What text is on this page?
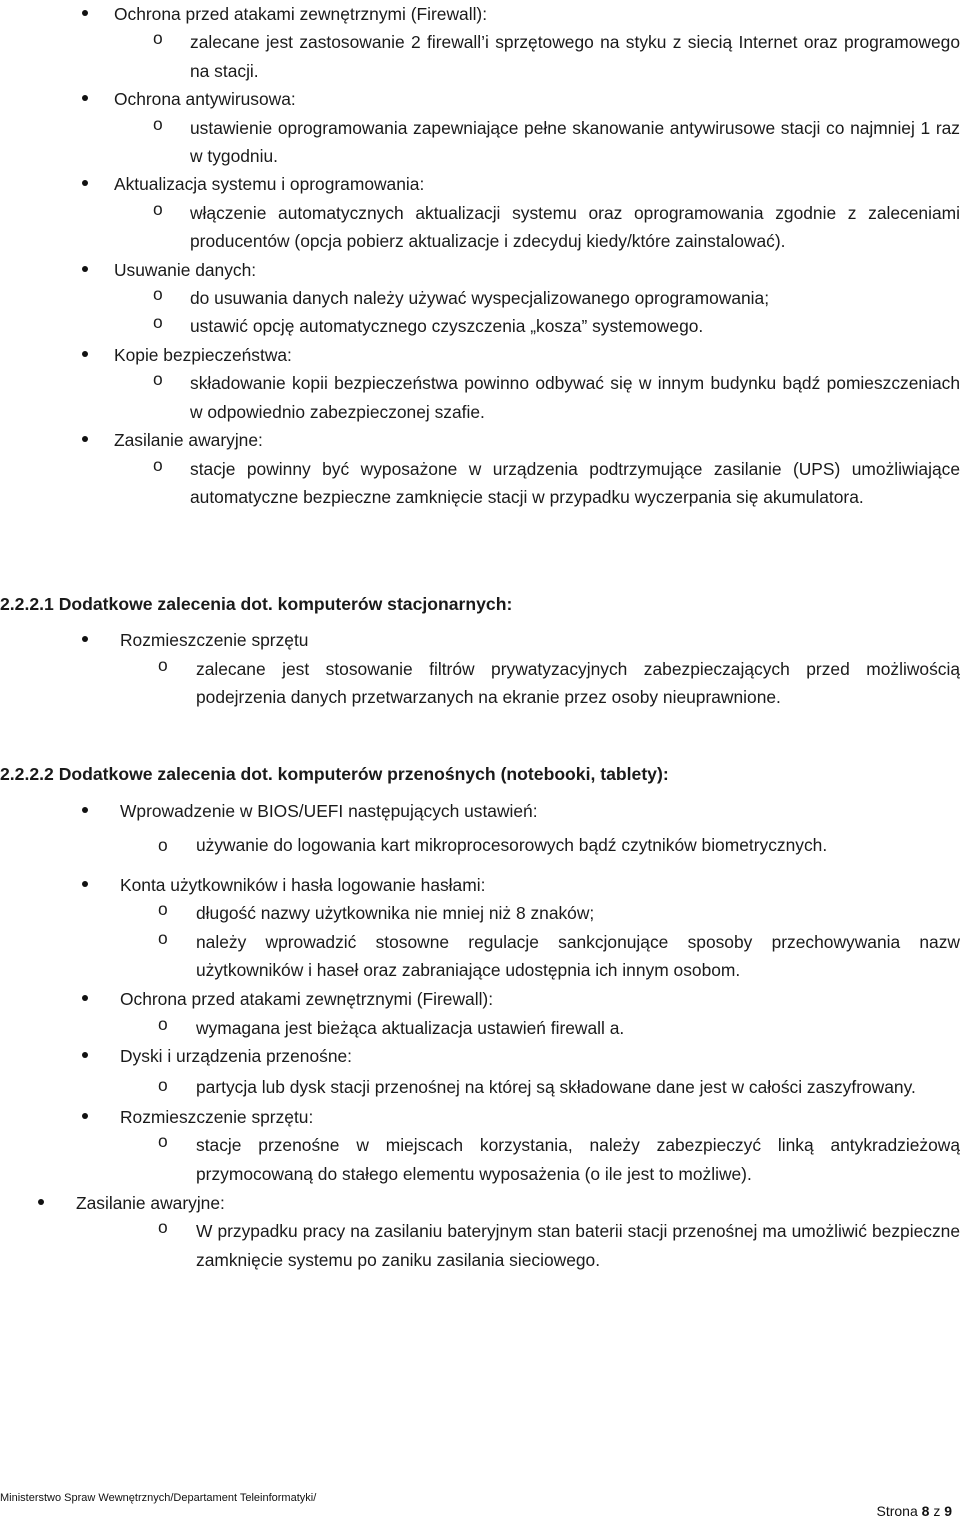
Ochrona przed atakami zewnętrznymi (Firewall):
o zalecane jest zastosowanie 2 firewall’i sprzętowego na styku z siecią Internet oraz programowego na stacji.
Ochrona antywirusowa:
o ustawienie oprogramowania zapewniające pełne skanowanie antywirusowe stacji co najmniej 1 raz w tygodniu.
Aktualizacja systemu i oprogramowania:
o włączenie automatycznych aktualizacji systemu oraz oprogramowania zgodnie z zaleceniami producentów (opcja pobierz aktualizacje i zdecyduj kiedy/które zainstalować).
Usuwanie danych:
o do usuwania danych należy używać wyspecjalizowanego oprogramowania;
o ustawić opcję automatycznego czyszczenia „kosza” systemowego.
Kopie bezpieczeństwa:
o składowanie kopii bezpieczeństwa powinno odbywać się w innym budynku bądź pomieszczeniach w odpowiednio zabezpieczonej szafie.
Zasilanie awaryjne:
o stacje powinny być wyposażone w urządzenia podtrzymujące zasilanie (UPS) umożliwiające automatyczne bezpieczne zamknięcie stacji w przypadku wyczerpania się akumulatora.
2.2.2.1 Dodatkowe zalecenia dot. komputerów stacjonarnych:
Rozmieszczenie sprzętu
o zalecane jest stosowanie filtrów prywatyzacyjnych zabezpieczających przed możliwością podejrzenia danych przetwarzanych na ekranie przez osoby nieuprawnione.
2.2.2.2 Dodatkowe zalecenia dot. komputerów przenośnych (notebooki, tablety):
Wprowadzenie w BIOS/UEFI następujących ustawień:
o używanie do logowania kart mikroprocesorowych bądź czytników biometrycznych.
Konta użytkowników i hasła logowanie hasłami:
o długość nazwy użytkownika nie mniej niż 8 znaków;
o należy wprowadzić stosowne regulacje sankcjonujące sposoby przechowywania nazw użytkowników i haseł oraz zabraniające udostępnia ich innym osobom.
Ochrona przed atakami zewnętrznymi (Firewall):
o wymagana jest bieżąca aktualizacja ustawień firewall a.
Dyski i urządzenia przenośne:
o partycja lub dysk stacji przenośnej na której są składowane dane jest w całości zaszyfrowany.
Rozmieszczenie sprzętu:
o stacje przenośne w miejscach korzystania, należy zabezpieczyć linką antykradzieżową przymocowaną do stałego elementu wyposażenia (o ile jest to możliwe).
Zasilanie awaryjne:
o W przypadku pracy na zasilaniu bateryjnym stan baterii stacji przenośnej ma umożliwić bezpieczne zamknięcie systemu po zaniku zasilania sieciowego.
Ministerstwo Spraw Wewnętrznych/Departament Teleinformatyki/
Strona 8 z 9
